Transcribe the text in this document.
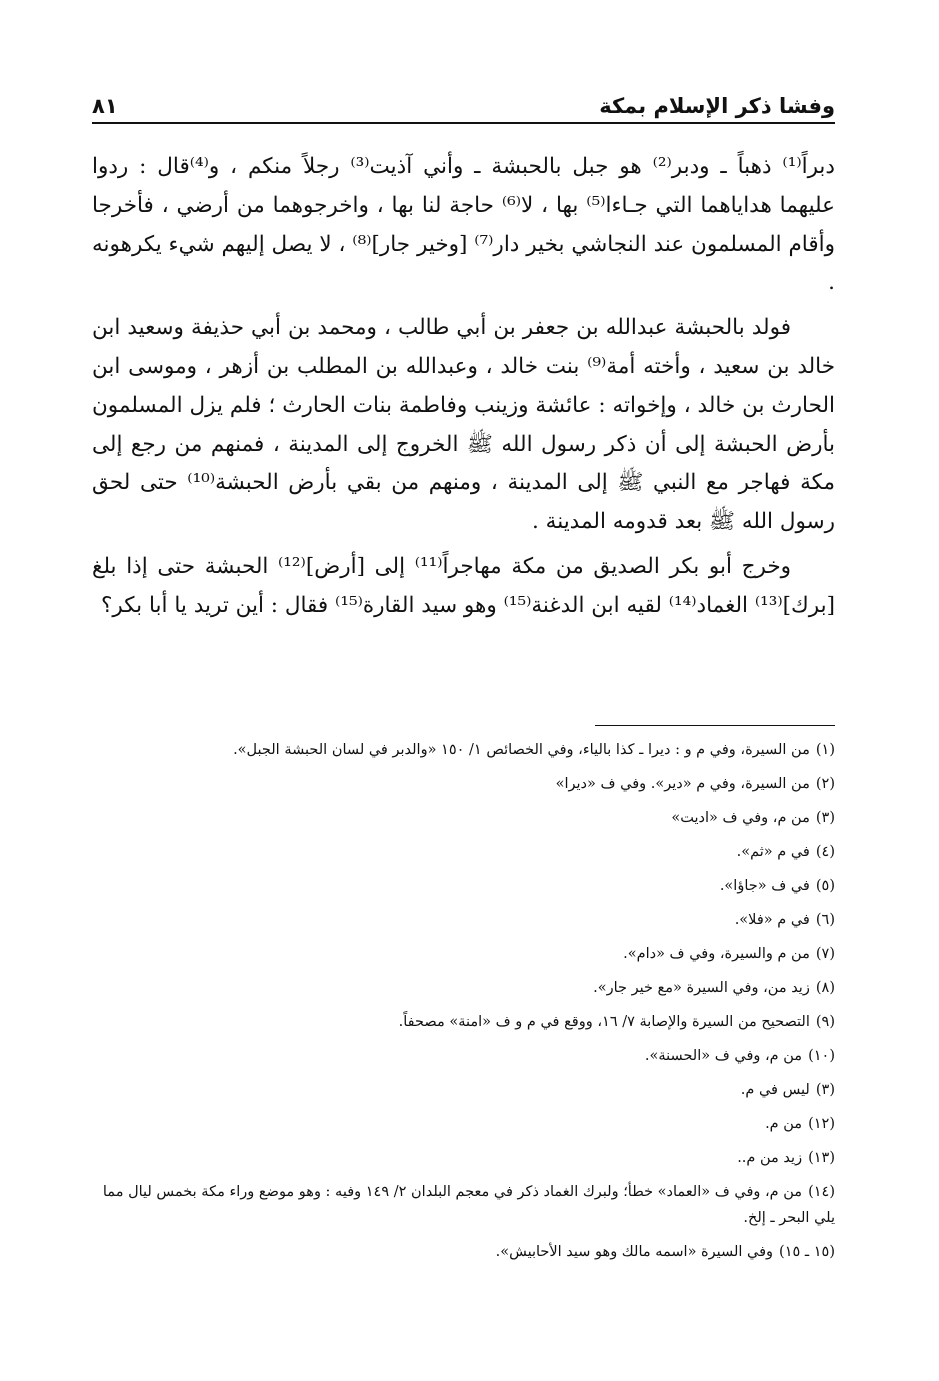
وفشا ذكر الإسلام بمكة
٨١

دبراً⁽¹⁾ ذهباً ـ ودبر⁽²⁾ هو جبل بالحبشة ـ وأني آذيت⁽³⁾ رجلاً منكم ، و⁽⁴⁾قال : ردوا عليهما هداياهما التي جـاءا⁽⁵⁾ بها ، لا⁽⁶⁾ حاجة لنا بها ، واخرجوهما من أرضي ، فأخرجا وأقام المسلمون عند النجاشي بخير دار⁽⁷⁾ [وخير جار]⁽⁸⁾ ، لا يصل إليهم شيء يكرهونه .

فولد بالحبشة عبدالله بن جعفر بن أبي طالب ، ومحمد بن أبي حذيفة وسعيد ابن خالد بن سعيد ، وأخته أمة⁽⁹⁾ بنت خالد ، وعبدالله بن المطلب بن أزهر ، وموسى ابن الحارث بن خالد ، وإخواته : عائشة وزينب وفاطمة بنات الحارث ؛ فلم يزل المسلمون بأرض الحبشة إلى أن ذكر رسول الله ﷺ الخروج إلى المدينة ، فمنهم من رجع إلى مكة فهاجر مع النبي ﷺ إلى المدينة ، ومنهم من بقي بأرض الحبشة⁽¹⁰⁾ حتى لحق رسول الله ﷺ بعد قدومه المدينة .

وخرج أبو بكر الصديق من مكة مهاجراً⁽¹¹⁾ إلى [أرض]⁽¹²⁾ الحبشة حتى إذا بلغ [برك]⁽¹³⁾ الغماد⁽¹⁴⁾ لقيه ابن الدغنة⁽¹⁵⁾ وهو سيد القارة⁽¹⁵⁾ فقال : أين تريد يا أبا بكر؟

(١)من السيرة، وفي م و : ديرا ـ كذا بالياء، وفي الخصائص ١/ ١٥٠ «والدبر في لسان الحبشة الجبل».
(٢)من السيرة، وفي م «دير». وفي ف «ديرا»
(٣)من م، وفي ف «اديت»
(٤)في م «ثم».
(٥)في ف «جاؤا».
(٦)في م «فلا».
(٧)من م والسيرة، وفي ف «دام».
(٨)زيد من، وفي السيرة «مع خير جار».
(٩)التصحيح من السيرة والإصابة ٧/ ١٦، ووقع في م و ف «امنة» مصحفاً.
(١٠)من م، وفي ف «الحسنة».
(٣)ليس في م.
(١٢)من م.
(١٣)زيد من م..
(١٤)من م، وفي ف «العماد» خطأ؛ ولبرك الغماد ذكر في معجم البلدان ٢/ ١٤٩ وفيه : وهو موضع وراء مكة بخمس ليال مما يلي البحر ـ إلخ.
(١٥ ـ ١٥)وفي السيرة «اسمه مالك وهو سيد الأحابيش».
